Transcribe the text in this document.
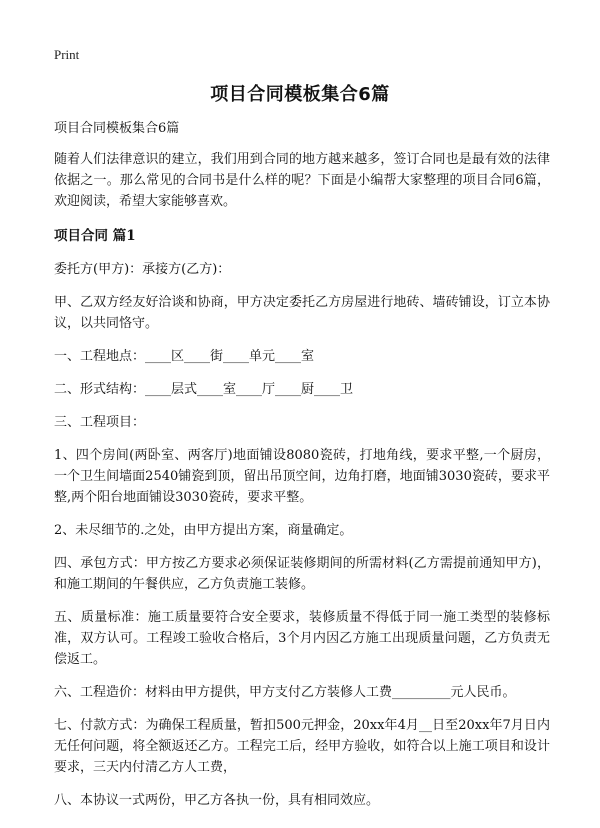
Print
项目合同模板集合6篇

项目合同模板集合6篇

随着人们法律意识的建立，我们用到合同的地方越来越多，签订合同也是最有效的法律依据之一。那么常见的合同书是什么样的呢？下面是小编帮大家整理的项目合同6篇，欢迎阅读，希望大家能够喜欢。

项目合同 篇1

委托方(甲方)：承接方(乙方)：

甲、乙双方经友好洽谈和协商，甲方决定委托乙方房屋进行地砖、墙砖铺设，订立本协议，以共同恪守。

一、工程地点：____区____街____单元____室

二、形式结构：____层式____室____厅____厨____卫

三、工程项目：

1、四个房间(两卧室、两客厅)地面铺设8080瓷砖，打地角线，要求平整,一个厨房，一个卫生间墙面2540铺瓷到顶，留出吊顶空间，边角打磨，地面铺3030瓷砖，要求平整,两个阳台地面铺设3030瓷砖，要求平整。

2、未尽细节的.之处，由甲方提出方案，商量确定。

四、承包方式：甲方按乙方要求必须保证装修期间的所需材料(乙方需提前通知甲方)，和施工期间的午餐供应，乙方负责施工装修。

五、质量标准：施工质量要符合安全要求，装修质量不得低于同一施工类型的装修标准，双方认可。工程竣工验收合格后，3个月内因乙方施工出现质量问题，乙方负责无偿返工。

六、工程造价：材料由甲方提供，甲方支付乙方装修人工费_________元人民币。

七、付款方式：为确保工程质量，暂扣500元押金，20xx年4月__日至20xx年7月日内无任何问题，将全额返还乙方。工程完工后，经甲方验收，如符合以上施工项目和设计要求，三天内付清乙方人工费，

八、本协议一式两份，甲乙方各执一份，具有相同效应。
